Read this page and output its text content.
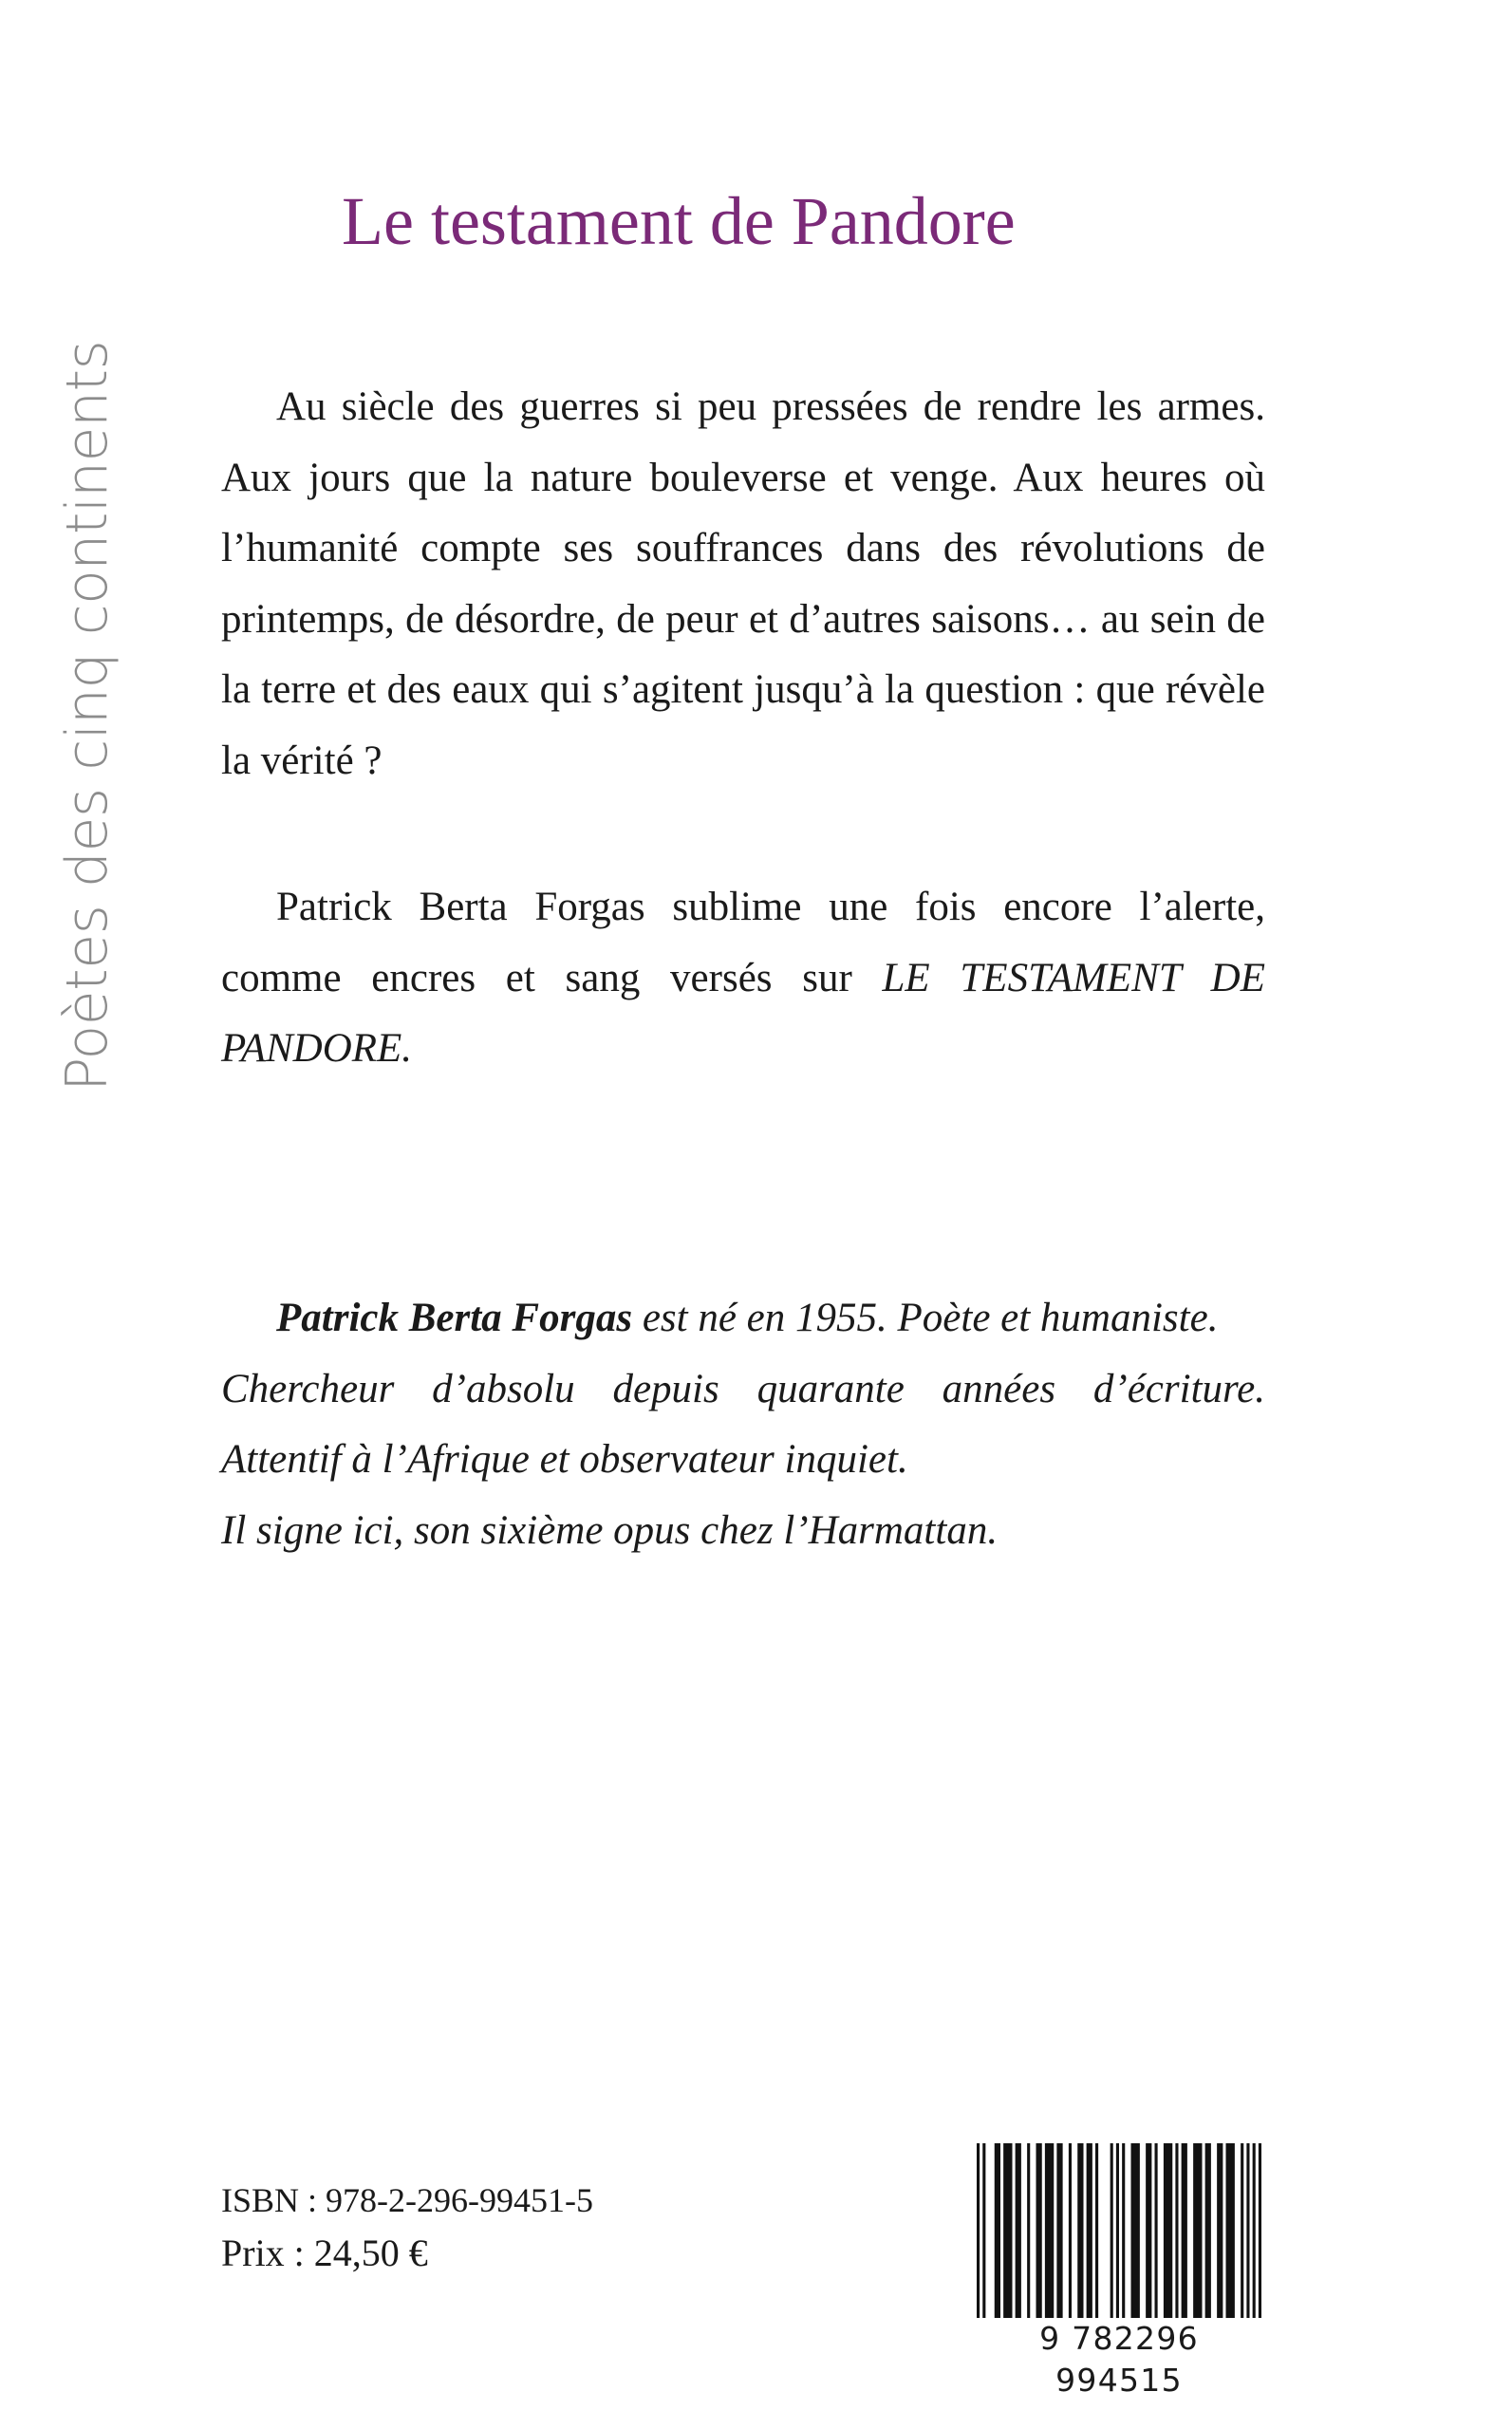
Poètes des cinq continents
Le testament de Pandore

Au siècle des guerres si peu pressées de rendre les armes. Aux jours que la nature bouleverse et venge. Aux heures où l’humanité compte ses souffrances dans des révolutions de printemps, de désordre, de peur et d’autres saisons… au sein de la terre et des eaux qui s’agitent jusqu’à la question : que révèle la vérité ?

Patrick Berta Forgas sublime une fois encore l’alerte, comme encres et sang versés sur LE TESTAMENT DE PANDORE.

Patrick Berta Forgas est né en 1955. Poète et humaniste.
Chercheur d’absolu depuis quarante années d’écriture.
Attentif à l’Afrique et observateur inquiet.
Il signe ici, son sixième opus chez l’Harmattan.
ISBN : 978-2-296-99451-5
Prix : 24,50 €
9 782296 994515
